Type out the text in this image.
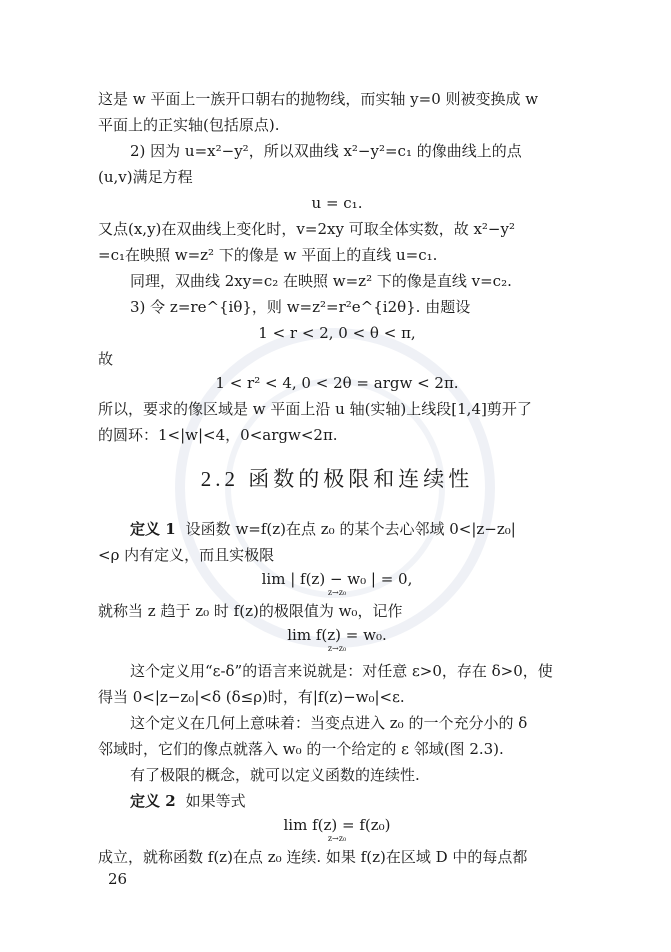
这是 w 平面上一族开口朝右的抛物线，而实轴 y=0 则被变换成 w
平面上的正实轴(包括原点).
2) 因为 u=x²−y²，所以双曲线 x²−y²=c₁ 的像曲线上的点
(u,v)满足方程
u = c₁.
又点(x,y)在双曲线上变化时，v=2xy 可取全体实数，故 x²−y²
=c₁在映照 w=z² 下的像是 w 平面上的直线 u=c₁.
同理，双曲线 2xy=c₂ 在映照 w=z² 下的像是直线 v=c₂.
3) 令 z=re^{iθ}，则 w=z²=r²e^{i2θ}. 由题设
1 < r < 2, 0 < θ < π,
故
1 < r² < 4, 0 < 2θ = argw < 2π.
所以，要求的像区域是 w 平面上沿 u 轴(实轴)上线段[1,4]剪开了
的圆环：1<|w|<4，0<argw<2π.
2.2 函数的极限和连续性
定义 1 设函数 w=f(z)在点 z₀ 的某个去心邻域 0<|z−z₀|
<ρ 内有定义，而且实极限
lim | f(z) − w₀ | = 0,
z→z₀
就称当 z 趋于 z₀ 时 f(z)的极限值为 w₀，记作
lim f(z) = w₀.
z→z₀
这个定义用“ε-δ”的语言来说就是：对任意 ε>0，存在 δ>0，使
得当 0<|z−z₀|<δ (δ≤ρ)时，有|f(z)−w₀|<ε.
这个定义在几何上意味着：当变点进入 z₀ 的一个充分小的 δ
邻域时，它们的像点就落入 w₀ 的一个给定的 ε 邻域(图 2.3).
有了极限的概念，就可以定义函数的连续性.
定义 2 如果等式
lim f(z) = f(z₀)
z→z₀
成立，就称函数 f(z)在点 z₀ 连续. 如果 f(z)在区域 D 中的每点都
26
